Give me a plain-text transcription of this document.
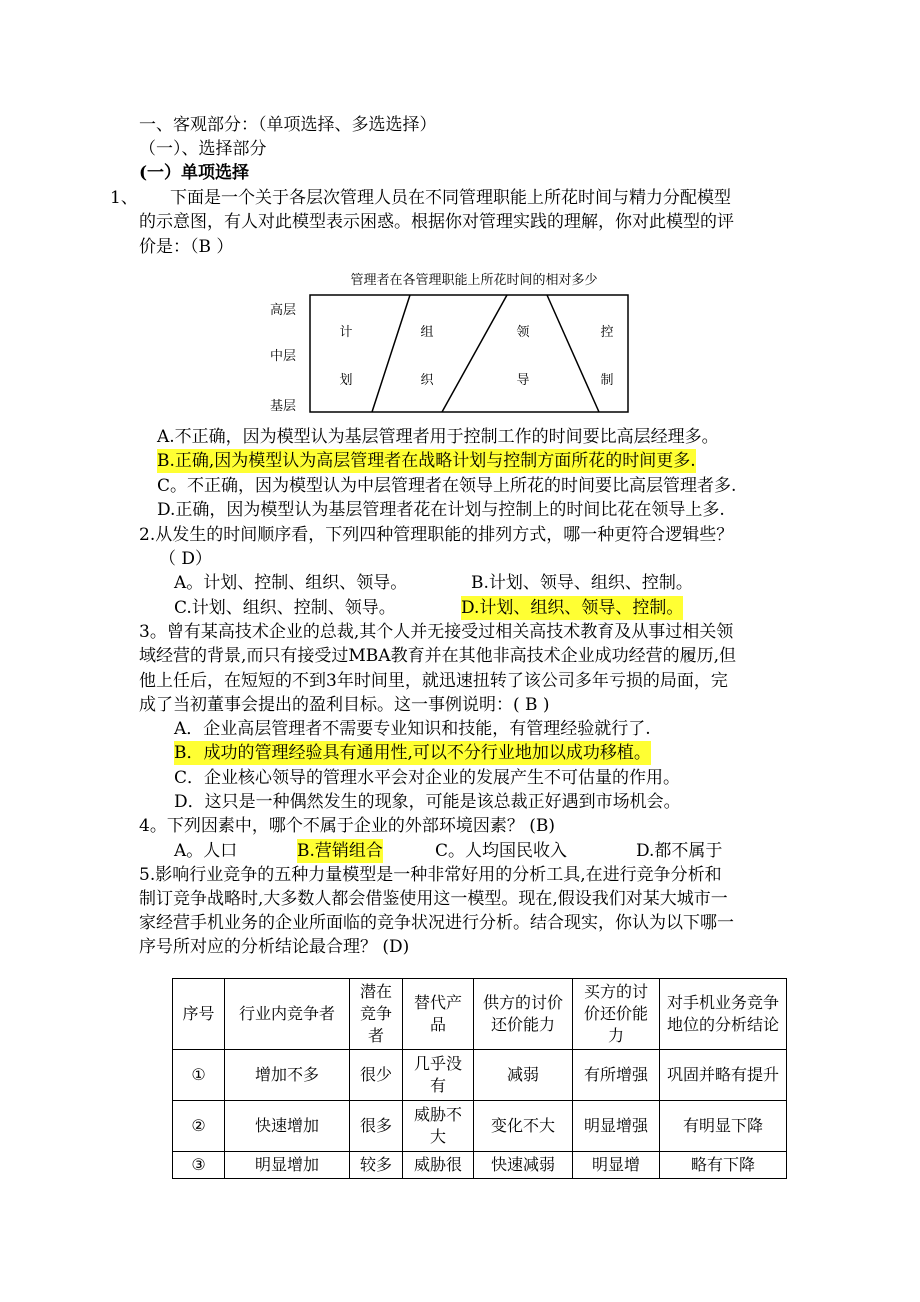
一、客观部分：（单项选择、多选选择）
（一）、选择部分
(一）单项选择
1、 下面是一个关于各层次管理人员在不同管理职能上所花时间与精力分配模型
的示意图，有人对此模型表示困惑。根据你对管理实践的理解，你对此模型的评
价是：（B ）
管理者在各管理职能上所花时间的相对多少
高层
中层
基层
计
划
组
织
领
导
控
制
A.不正确，因为模型认为基层管理者用于控制工作的时间要比高层经理多。
B.正确,因为模型认为高层管理者在战略计划与控制方面所花的时间更多.
C。不正确，因为模型认为中层管理者在领导上所花的时间要比高层管理者多.
D.正确，因为模型认为基层管理者花在计划与控制上的时间比花在领导上多.
2.从发生的时间顺序看，下列四种管理职能的排列方式，哪一种更符合逻辑些？
（ D）
A。计划、控制、组织、领导。	B.计划、领导、组织、控制。
C.计划、组织、控制、领导。	D.计划、组织、领导、控制。
3。曾有某高技术企业的总裁,其个人并无接受过相关高技术教育及从事过相关领
域经营的背景,而只有接受过MBA教育并在其他非高技术企业成功经营的履历,但
他上任后，在短短的不到3年时间里，就迅速扭转了该公司多年亏损的局面，完
成了当初董事会提出的盈利目标。这一事例说明：( B )
A．企业高层管理者不需要专业知识和技能，有管理经验就行了.
B．成功的管理经验具有通用性,可以不分行业地加以成功移植。
C．企业核心领导的管理水平会对企业的发展产生不可估量的作用。
D．这只是一种偶然发生的现象，可能是该总裁正好遇到市场机会。
4。下列因素中，哪个不属于企业的外部环境因素？ (B)
A。人口	B.营销组合	C。人均国民收入	D.都不属于
5.影响行业竞争的五种力量模型是一种非常好用的分析工具,在进行竞争分析和
制订竞争战略时,大多数人都会借鉴使用这一模型。现在,假设我们对某大城市一
家经营手机业务的企业所面临的竞争状况进行分析。结合现实，你认为以下哪一
序号所对应的分析结论最合理？ (D)
序号	行业内竞争者	潜在竞争者	替代产品	供方的讨价还价能力	买方的讨价还价能力	对手机业务竞争地位的分析结论
①	增加不多	很少	几乎没有	减弱	有所增强	巩固并略有提升
②	快速增加	很多	威胁不大	变化不大	明显增强	有明显下降
③	明显增加	较多	威胁很	快速减弱	明显增	略有下降
